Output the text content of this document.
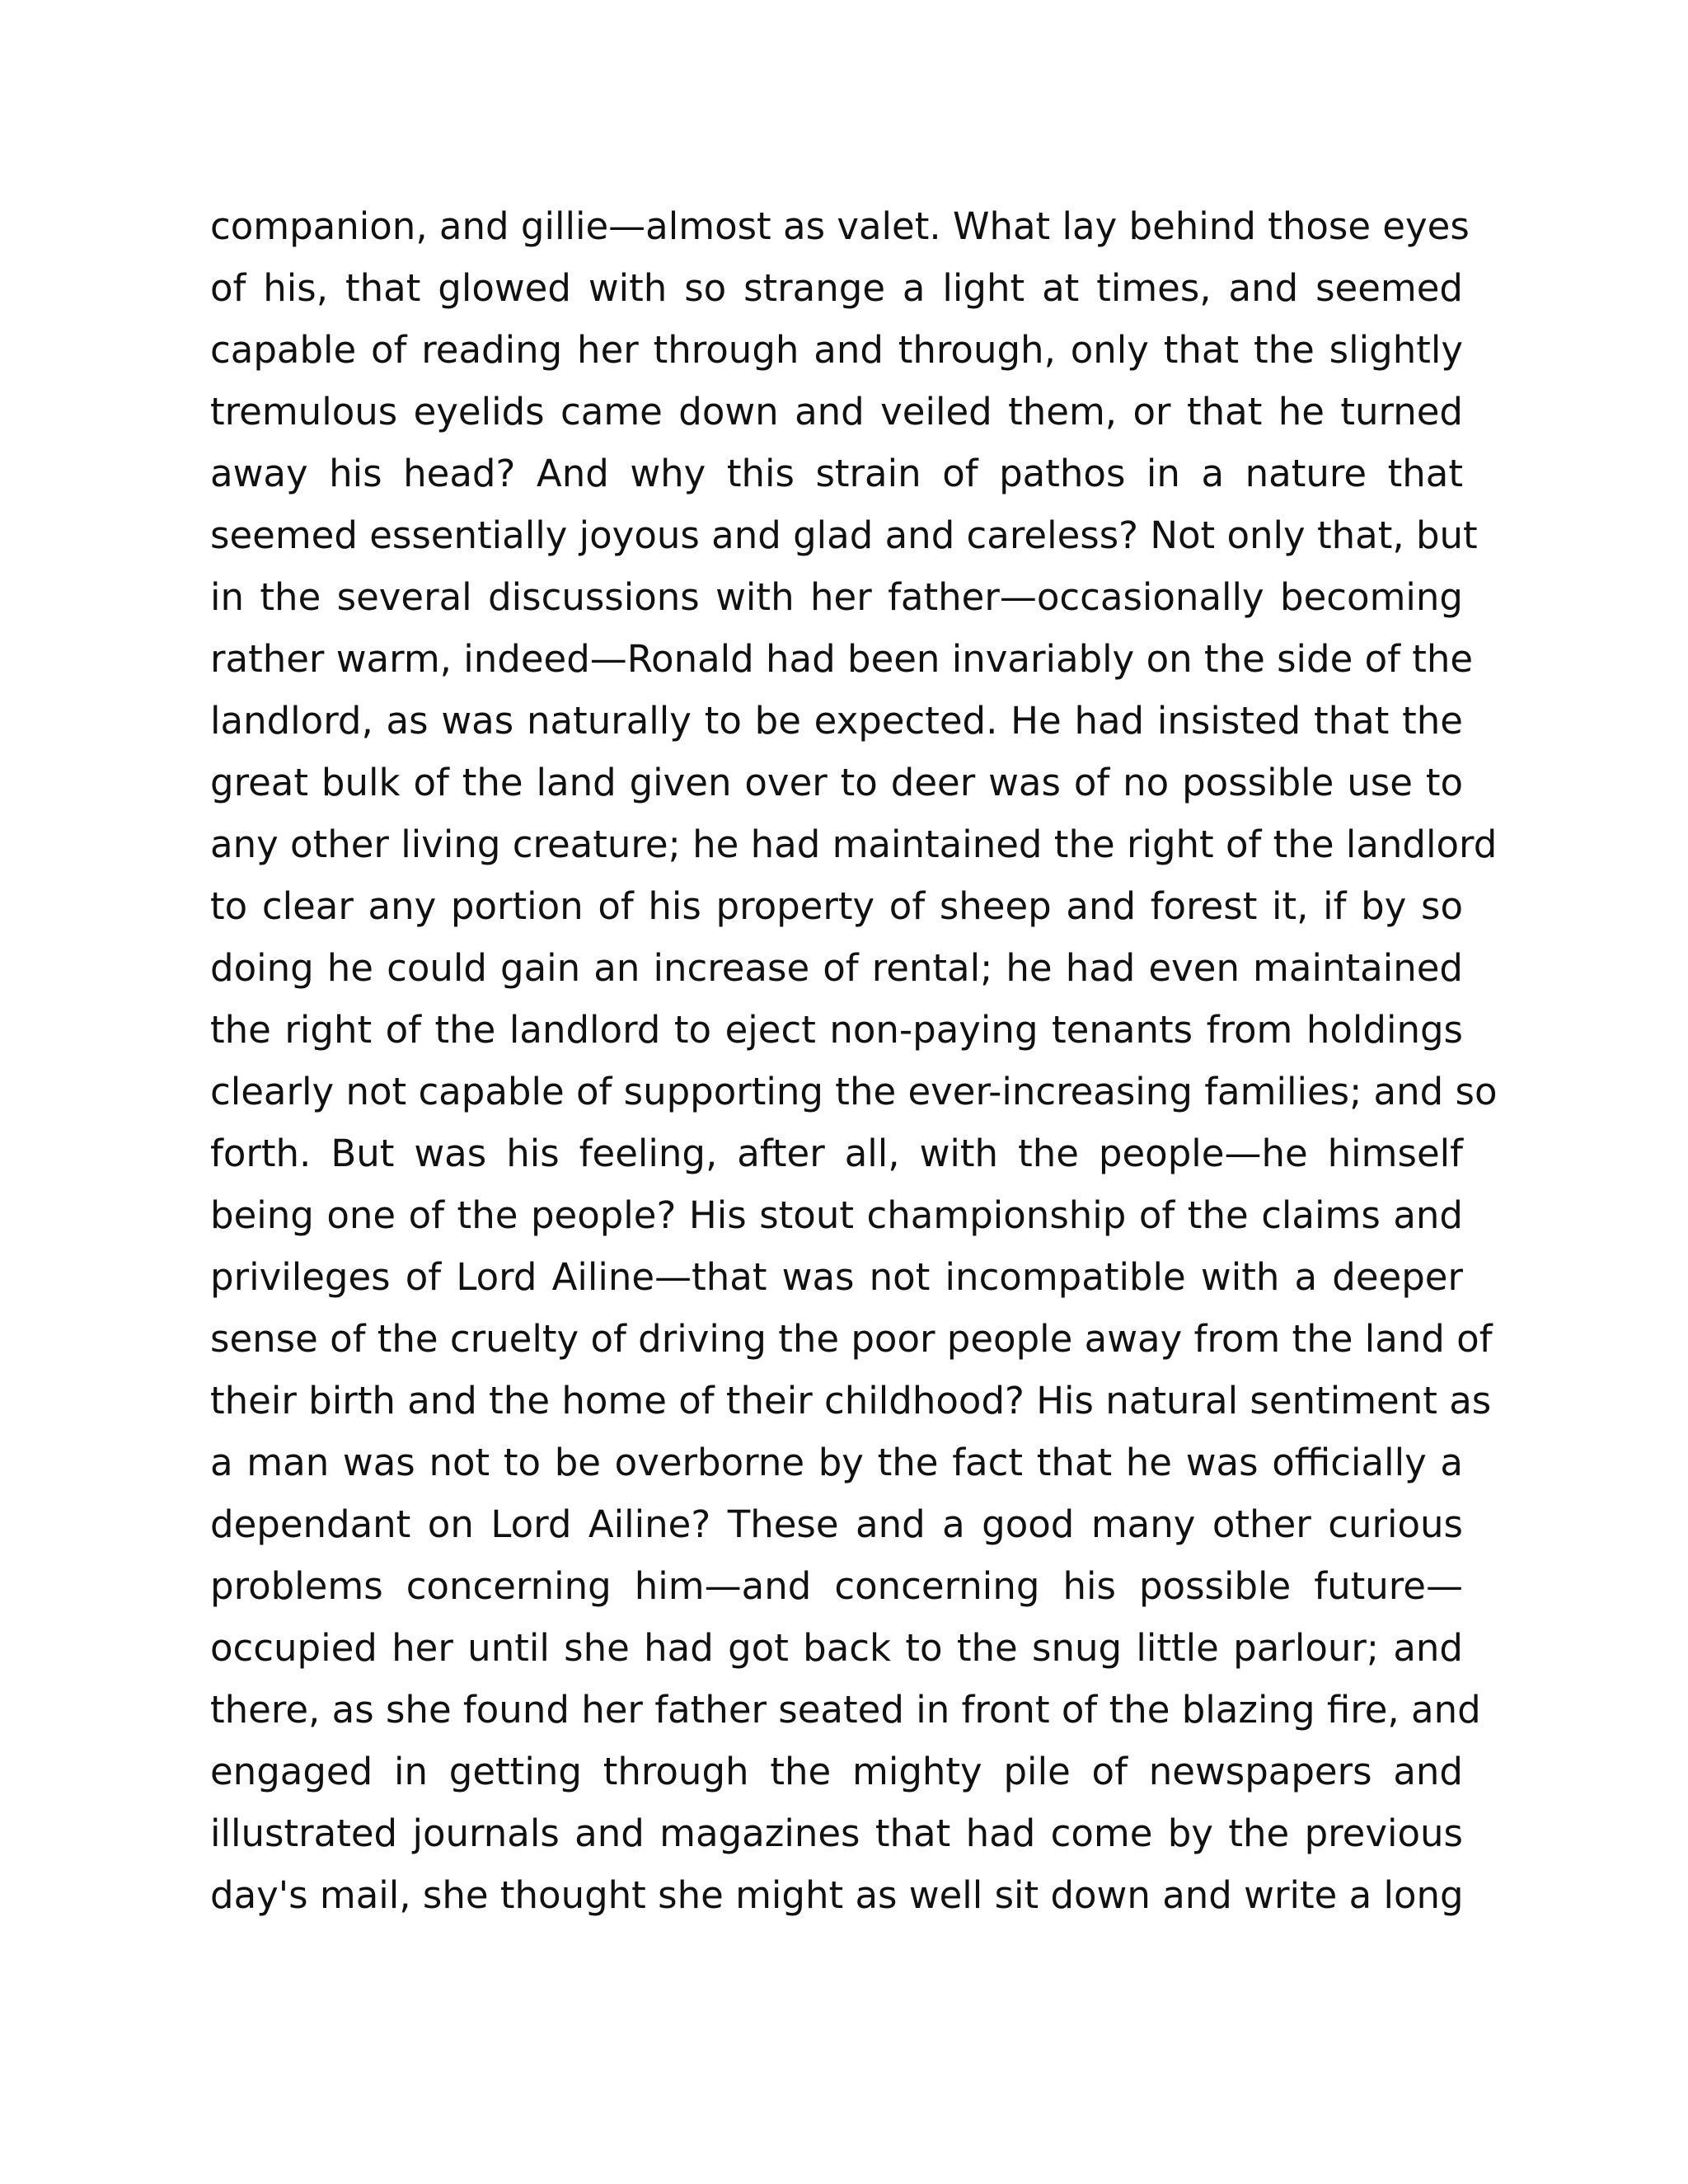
companion, and gillie—almost as valet. What lay behind those eyes
of his, that glowed with so strange a light at times, and seemed
capable of reading her through and through, only that the slightly
tremulous eyelids came down and veiled them, or that he turned
away his head? And why this strain of pathos in a nature that
seemed essentially joyous and glad and careless? Not only that, but
in the several discussions with her father—occasionally becoming
rather warm, indeed—Ronald had been invariably on the side of the
landlord, as was naturally to be expected. He had insisted that the
great bulk of the land given over to deer was of no possible use to
any other living creature; he had maintained the right of the landlord
to clear any portion of his property of sheep and forest it, if by so
doing he could gain an increase of rental; he had even maintained
the right of the landlord to eject non-paying tenants from holdings
clearly not capable of supporting the ever-increasing families; and so
forth. But was his feeling, after all, with the people—he himself
being one of the people? His stout championship of the claims and
privileges of Lord Ailine—that was not incompatible with a deeper
sense of the cruelty of driving the poor people away from the land of
their birth and the home of their childhood? His natural sentiment as
a man was not to be overborne by the fact that he was officially a
dependant on Lord Ailine? These and a good many other curious
problems concerning him—and concerning his possible future—
occupied her until she had got back to the snug little parlour; and
there, as she found her father seated in front of the blazing fire, and
engaged in getting through the mighty pile of newspapers and
illustrated journals and magazines that had come by the previous
day's mail, she thought she might as well sit down and write a long
